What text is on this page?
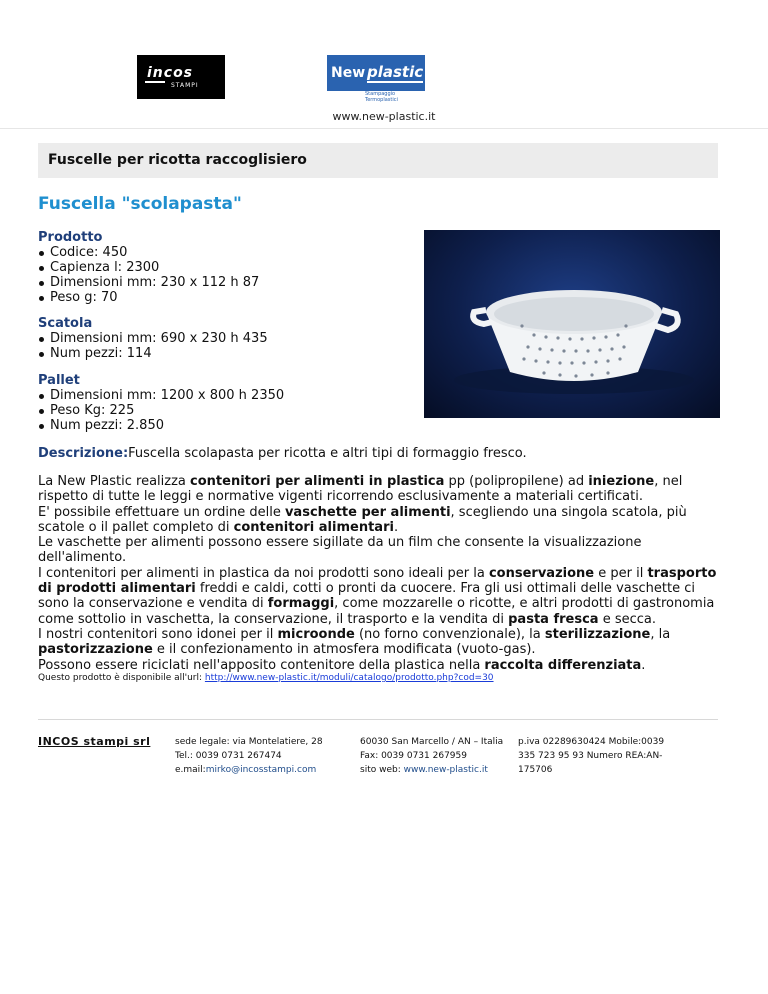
incos
STAMPI
New plastic
Stampaggio Termoplastici
www.new-plastic.it
Fuscelle per ricotta raccoglisiero
Fuscella "scolapasta"

Prodotto

Codice: 450
Capienza l: 2300
Dimensioni mm: 230 x 112 h 87
Peso g: 70

Scatola

Dimensioni mm: 690 x 230 h 435
Num pezzi: 114

Pallet

Dimensioni mm: 1200 x 800 h 2350
Peso Kg: 225
Num pezzi: 2.850
Descrizione:Fuscella scolapasta per ricotta e altri tipi di formaggio fresco.

La New Plastic realizza contenitori per alimenti in plastica pp (polipropilene) ad iniezione, nel rispetto di tutte le leggi e normative vigenti ricorrendo esclusivamente a materiali certificati.

E' possibile effettuare un ordine delle vaschette per alimenti, scegliendo una singola scatola, più scatole o il pallet completo di contenitori alimentari.

Le vaschette per alimenti possono essere sigillate da un film che consente la visualizzazione dell'alimento.

I contenitori per alimenti in plastica da noi prodotti sono ideali per la conservazione e per il trasporto di prodotti alimentari freddi e caldi, cotti o pronti da cuocere. Fra gli usi ottimali delle vaschette ci sono la conservazione e vendita di formaggi, come mozzarelle o ricotte, e altri prodotti di gastronomia come sottolio in vaschetta, la conservazione, il trasporto e la vendita di pasta fresca e secca.

I nostri contenitori sono idonei per il microonde (no forno convenzionale), la sterilizzazione, la pastorizzazione e il confezionamento in atmosfera modificata (vuoto-gas).

Possono essere riciclati nell'apposito contenitore della plastica nella raccolta differenziata.

Questo prodotto è disponibile all'url: http://www.new-plastic.it/moduli/catalogo/prodotto.php?cod=30
INCOS stampi srl	sede legale: via Montelatiere, 28
Tel.: 0039 0731 267474
e.mail:mirko@incosstampi.com
60030 San Marcello / AN – Italia
Fax: 0039 0731 267959
sito web: www.new-plastic.it
p.iva 02289630424 Mobile:0039
335 723 95 93 Numero REA:AN-
175706
